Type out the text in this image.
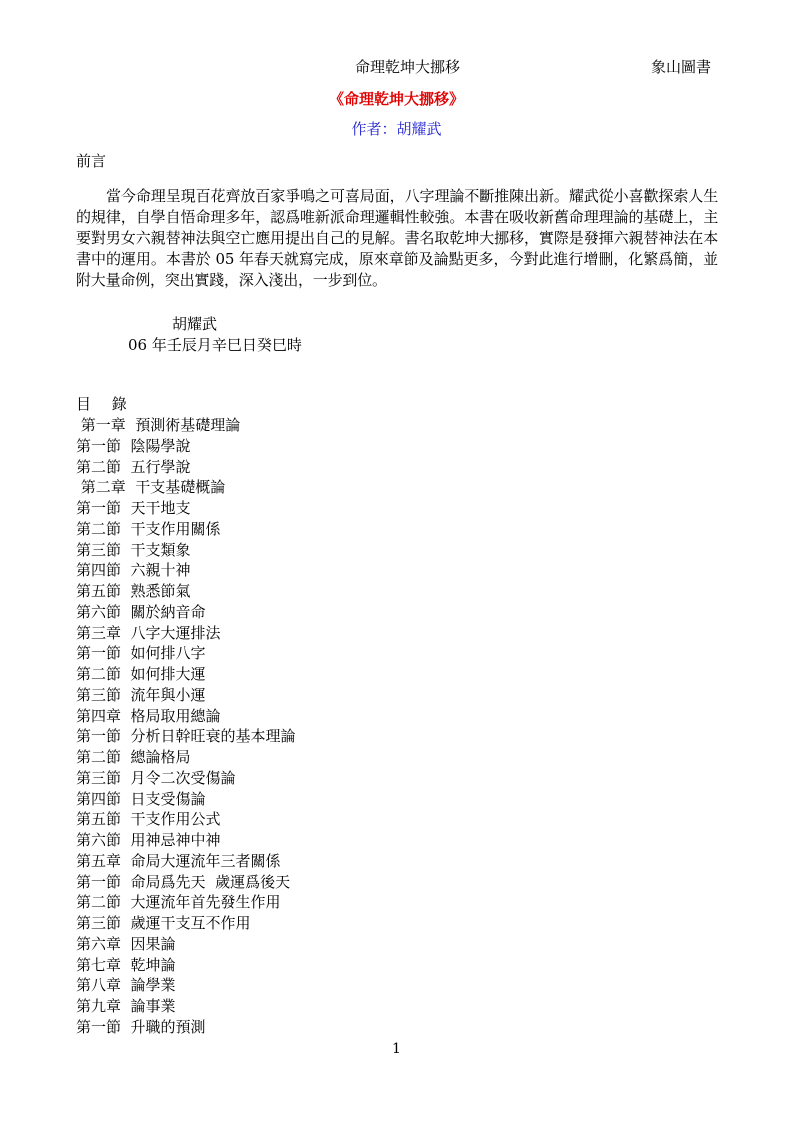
命理乾坤大挪移	象山圖書
《命理乾坤大挪移》
作者：胡耀武
前言

當今命理呈現百花齊放百家爭鳴之可喜局面，八字理論不斷推陳出新。耀武從小喜歡探索人生的規律，自學自悟命理多年，認爲唯新派命理邏輯性較強。本書在吸收新舊命理理論的基礎上，主要對男女六親替神法與空亡應用提出自己的見解。書名取乾坤大挪移，實際是發揮六親替神法在本書中的運用。本書於 05 年春天就寫完成，原來章節及論點更多，今對此進行增刪，化繁爲簡，並附大量命例，突出實踐，深入淺出，一步到位。

胡耀武
06 年壬辰月辛巳日癸巳時
目 錄
第一章  預測術基礎理論
第一節  陰陽學說
第二節  五行學說
第二章  干支基礎概論
第一節  天干地支
第二節  干支作用關係
第三節  干支類象
第四節  六親十神
第五節  熟悉節氣
第六節  關於納音命
第三章  八字大運排法
第一節  如何排八字
第二節  如何排大運
第三節  流年與小運
第四章  格局取用總論
第一節  分析日幹旺衰的基本理論
第二節  總論格局
第三節  月令二次受傷論
第四節  日支受傷論
第五節  干支作用公式
第六節  用神忌神中神
第五章  命局大運流年三者關係
第一節  命局爲先天  歲運爲後天
第二節  大運流年首先發生作用
第三節  歲運干支互不作用
第六章  因果論
第七章  乾坤論
第八章  論學業
第九章  論事業
第一節  升職的預測
1
